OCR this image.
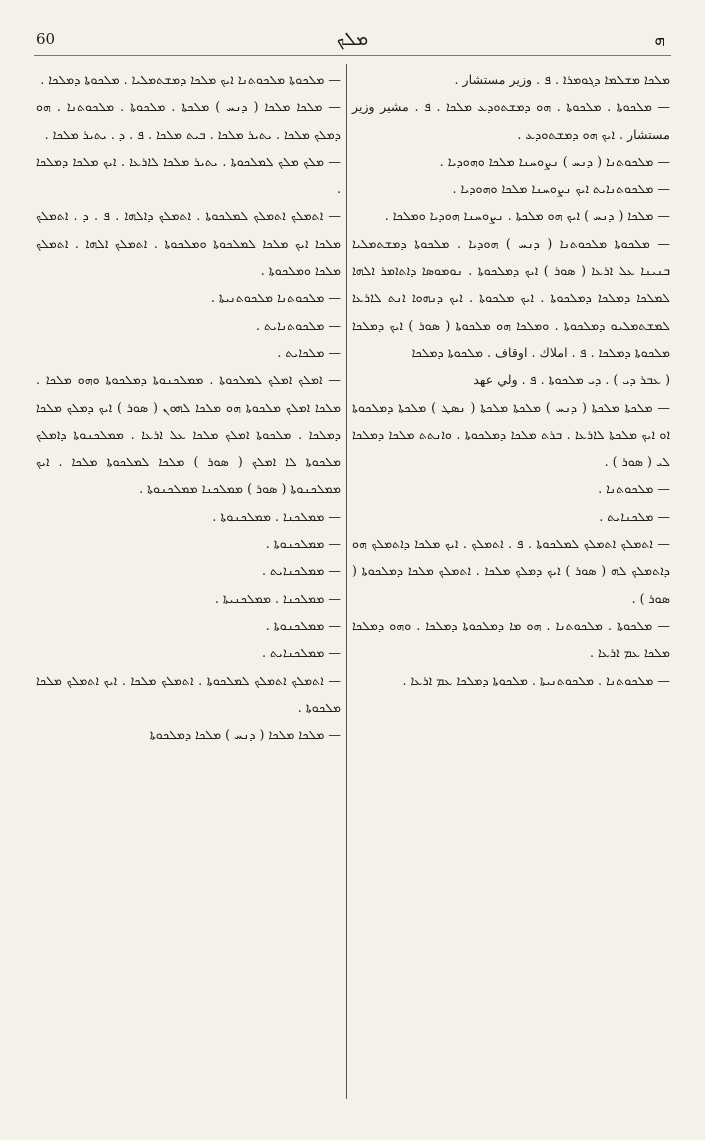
60	ܡܠܟ	ܗ

ܡܠܟܐ ܡܫܠܡܐ ܕܓܘܡܪܐ . ܦ . وزير مستشار .

— ܡܠܟܘܬܐ . ܡܠܟܘܬܐ . ܗܘ ܕܡܫܬܘܕܥ ܡܠܟܐ . ܦ . مشير وزير مستشار . ܐܝܟ ܗܘ ܕܡܫܬܘܕܥ .

— ܡܠܟܘܬܢܐ ( ܕܢܚ ) ܢܨܘܚܢܐ ܡܠܟܐ ܘܗܘܕܝܐ .

— ܡܠܟܘܬܢܐܝܬ ܐܝܟ ܢܨܘܚܢܐ ܡܠܟܐ ܘܗܘܕܝܐ .

— ܡܠܟܐ ( ܕܢܚ ) ܐܝܟ ܗܘ ܡܠܟܬܐ . ܢܨܘܚܢܐ ܗܘܕܝܐ ܘܡܠܟܐ .

— ܡܠܟܘܬܐ ܡܠܟܘܬܢܐ ( ܕܢܚ ) ܗܘܕܝܐ . ܡܠܟܘܬܐ ܕܡܫܬܡܠܝܐ ܒܢܝܢܐ ܥܠ ܐܪܥܐ ( ܣܘܪ ) ܐܝܟ ܕܡܠܟܘܬܐ . ܢܘܡܘܣܐ ܕܐܬܐܡܪ ܐܠܗܐ ܠܡܠܟܐ ܕܡܠܟܐ ܕܡܠܟܘܬܐ . ܐܝܟ ܡܠܟܘܬܐ . ܐܝܟ ܕܢܗܘܐ ܐܢܬ ܠܐܪܥܐ ܠܡܫܬܡܠܝܘ ܕܡܠܟܘܬܐ . ܘܡܠܟܐ ܗܘ ܡܠܟܘܬܐ ( ܣܘܪ ) ܐܝܟ ܕܡܠܟܐ ܡܠܟܘܬܐ ܕܡܠܟܐ . ܦ . املاك . اوقاف . ܡܠܟܘܬܐ ܕܡܠܟܐ

( ܥܒܪ ܕܝ ) . ܕܝ ܡܠܟܘܬܐ . ܦ . ولي عهد

— ܡܠܟܬܐ ܡܠܟܬܐ ( ܕܢܚ ) ܡܠܟܬܐ ܡܠܟܬܐ ( ܢܣܛ ) ܡܠܟܬܐ ܕܡܠܟܘܬܐ ܐܘ ܐܝܟ ܡܠܟܬܐ ܠܐܪܥܐ . ܒܪܬ ܡܠܟܐ ܕܡܠܟܘܬܐ . ܘܐܢܬܬ ܡܠܟܐ ܕܡܠܟܐ ܠܝ ( ܣܘܪ ) .

— ܡܠܟܘܬܢܐ .

— ܡܠܟܢܐܝܬ .

— ܐܬܡܠܟ ܐܬܡܠܟ ܠܡܠܟܘܬܐ . ܦ . ܐܬܡܠܟ . ܐܝܟ ܡܠܟܐ ܕܐܬܡܠܟ ܗܘ ܕܐܬܡܠܟ ܠܗ ( ܣܘܪ ) ܐܝܟ ܕܡܠܟ ܡܠܟܐ . ܐܬܡܠܟ ܡܠܟܐ ܕܡܠܟܘܬܐ ( ܣܘܪ ) .

— ܡܠܟܘܬܐ . ܡܠܟܘܬܢܐ . ܗܘ ܡܐ ܕܡܠܟܘܬܐ ܕܡܠܟܐ . ܘܗܘ ܕܡܠܟܐ ܡܠܟܐ ܥܡ ܐܪܥܐ .

— ܡܠܟܘܬܢܐ . ܡܠܟܘܬܢܝܬܐ . ܡܠܟܘܬܐ ܕܡܠܟܐ ܥܡ ܐܪܥܐ .

— ܡܠܟܘܬܐ ܡܠܟܘܬܢܐ ܐܝܟ ܡܠܟܐ ܕܡܫܬܡܠܝܐ . ܡܠܟܘܬܐ ܕܡܠܟܐ .

— ܡܠܟܐ ܡܠܟܐ ( ܕܢܚ ) ܡܠܟܬܐ . ܡܠܟܘܬܐ . ܡܠܟܘܬܢܐ . ܗܘ ܕܡܠܟ ܡܠܟܐ . ܝܬܝܪ ܡܠܟܐ . ܒܝܬ ܡܠܟܐ . ܦ . ܕ . ܝܬܝܪ ܡܠܟܐ .

— ܡܠܟ ܡܠܟ ܠܡܠܟܘܬܐ . ܝܬܝܪ ܡܠܟܐ ܠܐܪܥܐ . ܐܝܟ ܡܠܟܐ ܕܡܠܟܐ .

— ܐܬܡܠܟ ܐܬܡܠܟ ܠܡܠܟܘܬܐ . ܐܬܡܠܟ ܕܐܠܗܐ . ܦ . ܕ . ܐܬܡܠܟ ܡܠܟܐ ܐܝܟ ܡܠܟܐ ܠܡܠܟܘܬܐ ܘܡܠܟܘܬܐ . ܐܬܡܠܟ ܐܠܗܐ . ܐܬܡܠܟ ܡܠܟܐ ܘܡܠܟܘܬܐ .

— ܡܠܟܘܬܢܐ ܡܠܟܘܬܢܝܬܐ .

— ܡܠܟܘܬܢܐܝܬ .

— ܡܠܟܐܝܬ .

— ܐܡܠܟ ܐܡܠܟ ܠܡܠܟܘܬܐ . ܡܡܠܟܢܘܬܐ ܕܡܠܟܘܬܐ ܘܗܘ ܡܠܟܐ . ܡܠܟܐ ܐܡܠܟ ܡܠܟܘܬܐ ܗܘ ܡܠܟܐ ܠܗܘܢ ( ܣܘܪ ) ܐܝܟ ܕܡܠܟ ܡܠܟܐ ܕܡܠܟܐ . ܡܠܟܘܬܐ ܐܡܠܟ ܡܠܟܐ ܥܠ ܐܪܥܐ . ܡܡܠܟܢܘܬܐ ܕܐܡܠܟ ܡܠܟܘܬܐ ܠܐ ܐܡܠܟ ( ܣܘܪ ) ܡܠܟܐ ܠܡܠܟܘܬܐ ܡܠܟܐ . ܐܝܟ ܡܡܠܟܢܘܬܐ ( ܣܘܪ ) ܡܡܠܟܢܐ ܡܡܠܟܢܘܬܐ .

— ܡܡܠܟܢܐ . ܡܡܠܟܢܘܬܐ .

— ܡܡܠܟܢܘܬܐ .

— ܡܡܠܟܢܐܝܬ .

— ܡܡܠܟܢܐ . ܡܡܠܟܢܝܬܐ .

— ܡܡܠܟܢܘܬܐ .

— ܡܡܠܟܢܐܝܬ .

— ܐܬܡܠܟ ܐܬܡܠܟ ܠܡܠܟܘܬܐ . ܐܬܡܠܟ ܡܠܟܐ . ܐܝܟ ܐܬܡܠܟ ܡܠܟܐ ܡܠܟܘܬܐ .

— ܡܠܟܐ ܡܠܟܐ ( ܕܢܚ ) ܡܠܟܐ ܕܡܠܟܘܬܐ
